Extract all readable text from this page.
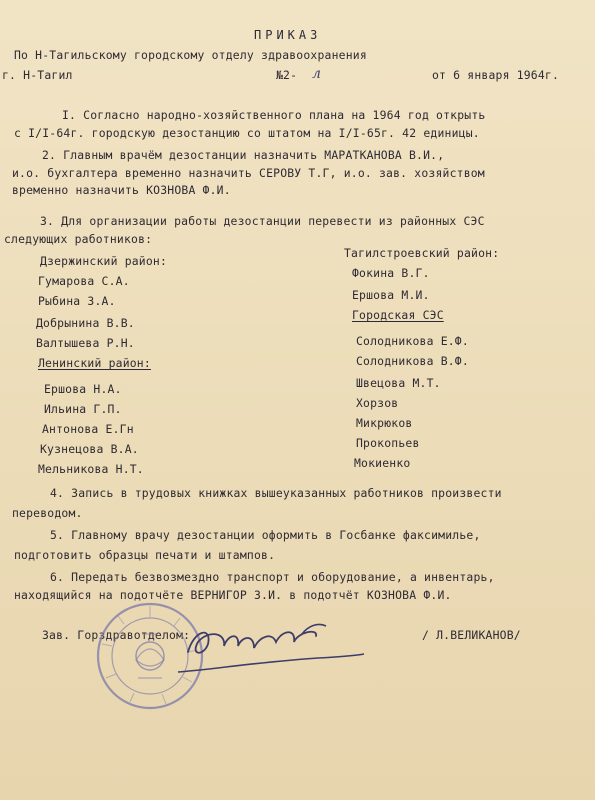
ПРИКАЗ
По Н-Тагильскому городскому отделу здравоохранения
г. Н-Тагил	№2- л	от 6 января 1964г.
I. Согласно народно-хозяйственного плана на 1964 год открыть
с I/I-64г. городскую дезостанцию со штатом на I/I-65г. 42 единицы.
2. Главным врачём дезостанции назначить МАРАТКАНОВА В.И.,
и.о. бухгалтера временно назначить СЕРОВУ Т.Г, и.о. зав. хозяйством
временно назначить КОЗНОВА Ф.И.
3. Для организации работы дезостанции перевести из районных СЭС
следующих работников:
Дзержинский район:
Гумарова С.А.
Рыбина З.А.
Добрынина В.В.
Валтышева Р.Н.
Ленинский район:
Ершова Н.А.
Ильина Г.П.
Антонова Е.Гн
Кузнецова В.А.
Мельникова Н.Т.
Тагилстроевский район:
Фокина В.Г.
Ершова М.И.
Городская СЭС
Солодникова Е.Ф.
Солодникова В.Ф.
Швецова М.Т.
Хорзов
Микрюков
Прокопьев
Мокиенко
4. Запись в трудовых книжках вышеуказанных работников произвести
переводом.
5. Главному врачу дезостанции оформить в Госбанке факсимилье,
подготовить образцы печати и штампов.
6. Передать безвозмездно транспорт и оборудование, а инвентарь,
находящийся на подотчёте ВЕРНИГОР З.И. в подотчёт КОЗНОВА Ф.И.
Зав. Горздравотделом:	/ Л.ВЕЛИКАНОВ/
